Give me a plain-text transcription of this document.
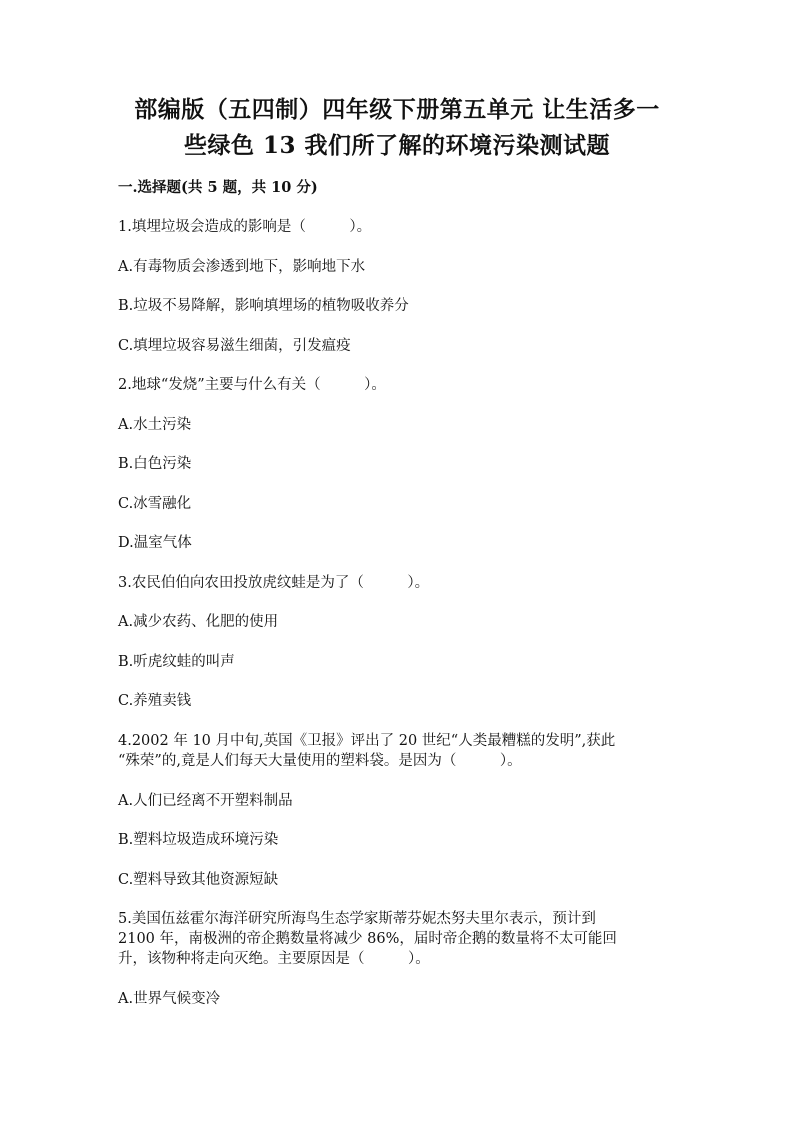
部编版（五四制）四年级下册第五单元 让生活多一
些绿色 13 我们所了解的环境污染测试题
一.选择题(共 5 题，共 10 分)
1.填埋垃圾会造成的影响是（　　　）。
A.有毒物质会渗透到地下，影响地下水
B.垃圾不易降解，影响填埋场的植物吸收养分
C.填埋垃圾容易滋生细菌，引发瘟疫
2.地球“发烧”主要与什么有关（　　　）。
A.水土污染
B.白色污染
C.冰雪融化
D.温室气体
3.农民伯伯向农田投放虎纹蛙是为了（　　　）。
A.减少农药、化肥的使用
B.听虎纹蛙的叫声
C.养殖卖钱
4.2002 年 10 月中旬,英国《卫报》评出了 20 世纪“人类最糟糕的发明”,获此
“殊荣”的,竟是人们每天大量使用的塑料袋。是因为（　　　）。
A.人们已经离不开塑料制品
B.塑料垃圾造成环境污染
C.塑料导致其他资源短缺
5.美国伍兹霍尔海洋研究所海鸟生态学家斯蒂芬妮杰努夫里尔表示，预计到
2100 年，南极洲的帝企鹅数量将减少 86%，届时帝企鹅的数量将不太可能回
升，该物种将走向灭绝。主要原因是（　　　）。
A.世界气候变冷
